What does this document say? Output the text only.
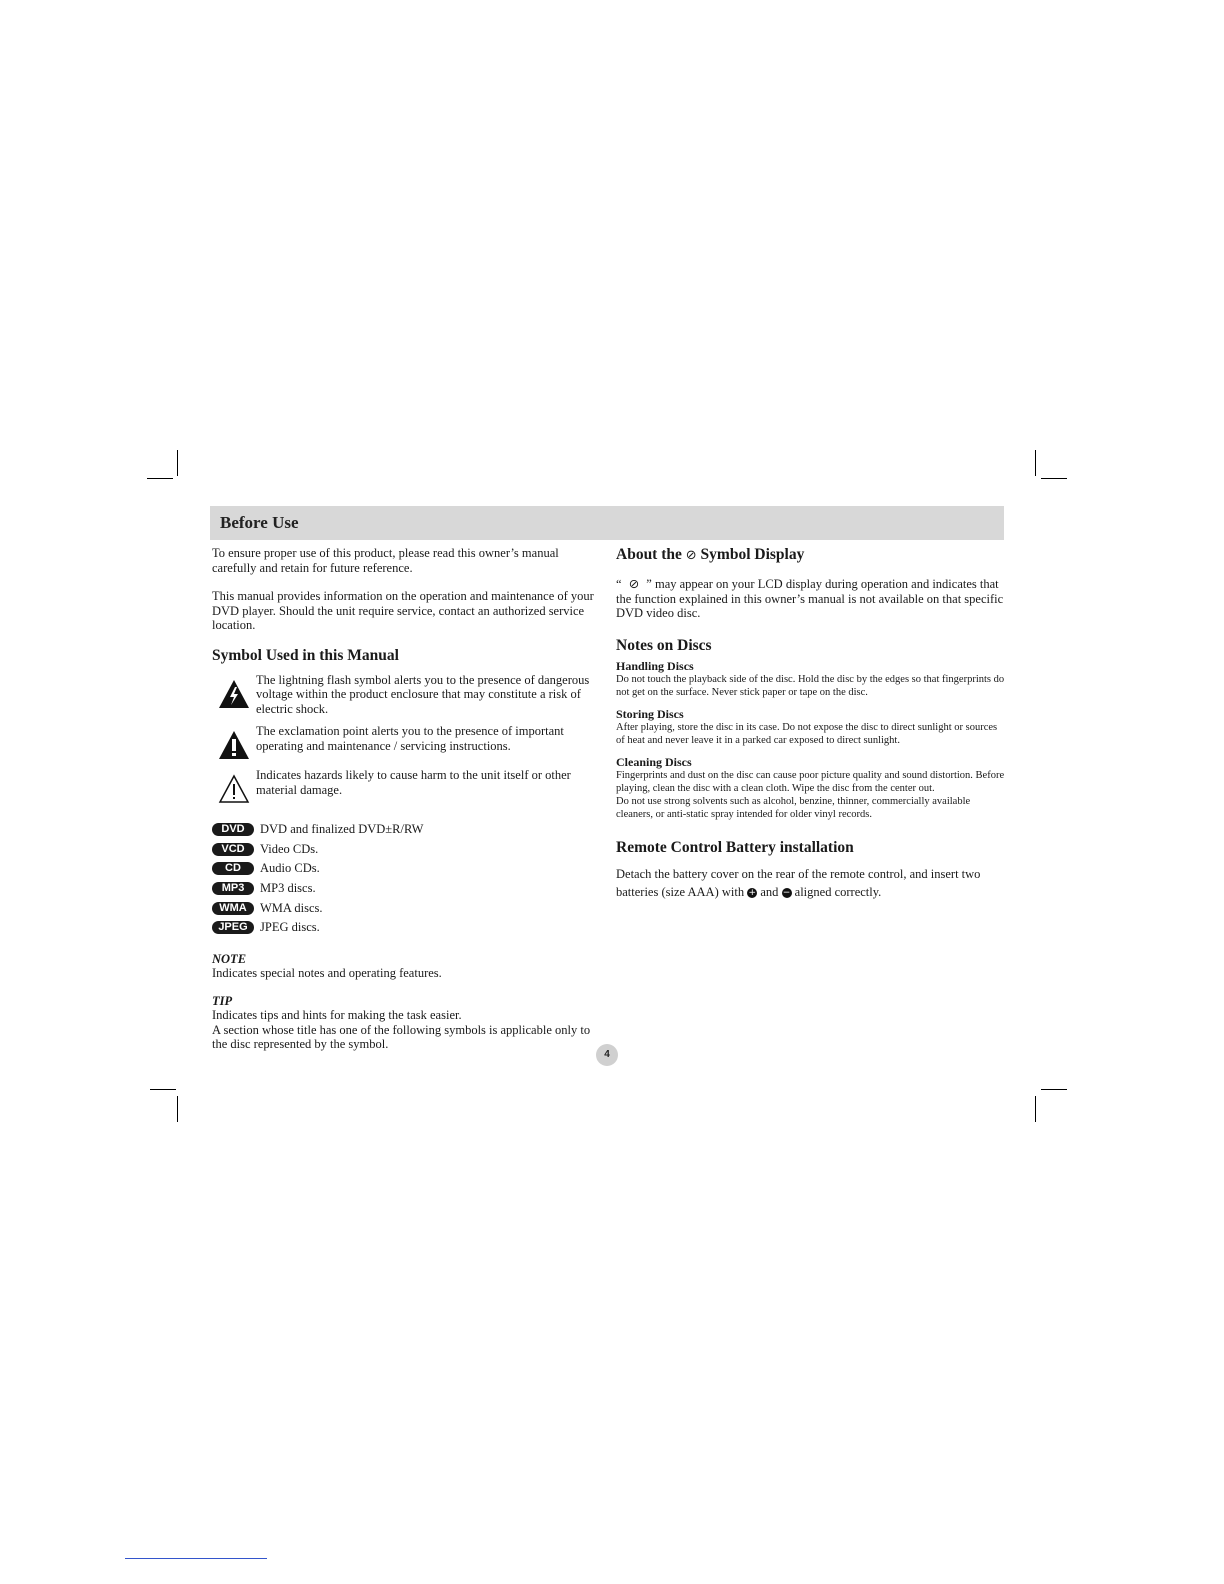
Before Use

To ensure proper use of this product, please read this owner’s manual carefully and retain for future reference.

This manual provides information on the operation and maintenance of your DVD player. Should the unit require service, contact an authorized service location.

Symbol Used in this Manual

The lightning flash symbol alerts you to the presence of dangerous voltage within the product enclosure that may constitute a risk of electric shock.

The exclamation point alerts you to the presence of important operating and maintenance / servicing instructions.

Indicates hazards likely to cause harm to the unit itself or other material damage.

DVD	DVD and finalized DVD±R/RW
VCD	Video CDs.
CD	Audio CDs.
MP3	MP3 discs.
WMA	WMA discs.
JPEG JPEG discs.
NOTE

Indicates special notes and operating features.

TIP

Indicates tips and hints for making the task easier.

A section whose title has one of the following symbols is applicable only to the disc represented by the symbol.

About the ⊘ Symbol Display

“ ⊘ ” may appear on your LCD display during operation and indicates that the function explained in this owner’s manual is not available on that specific DVD video disc.

Notes on Discs
Handling Discs

Do not touch the playback side of the disc. Hold the disc by the edges so that fingerprints do not get on the surface. Never stick paper or tape on the disc.

Storing Discs

After playing, store the disc in its case. Do not expose the disc to direct sunlight or sources of heat and never leave it in a parked car exposed to direct sunlight.

Cleaning Discs

Fingerprints and dust on the disc can cause poor picture quality and sound distortion. Before playing, clean the disc with a clean cloth. Wipe the disc from the center out.

Do not use strong solvents such as alcohol, benzine, thinner, commercially available cleaners, or anti-static spray intended for older vinyl records.

Remote Control Battery installation

Detach the battery cover on the rear of the remote control, and insert two batteries (size AAA) with + and − aligned correctly.

4
